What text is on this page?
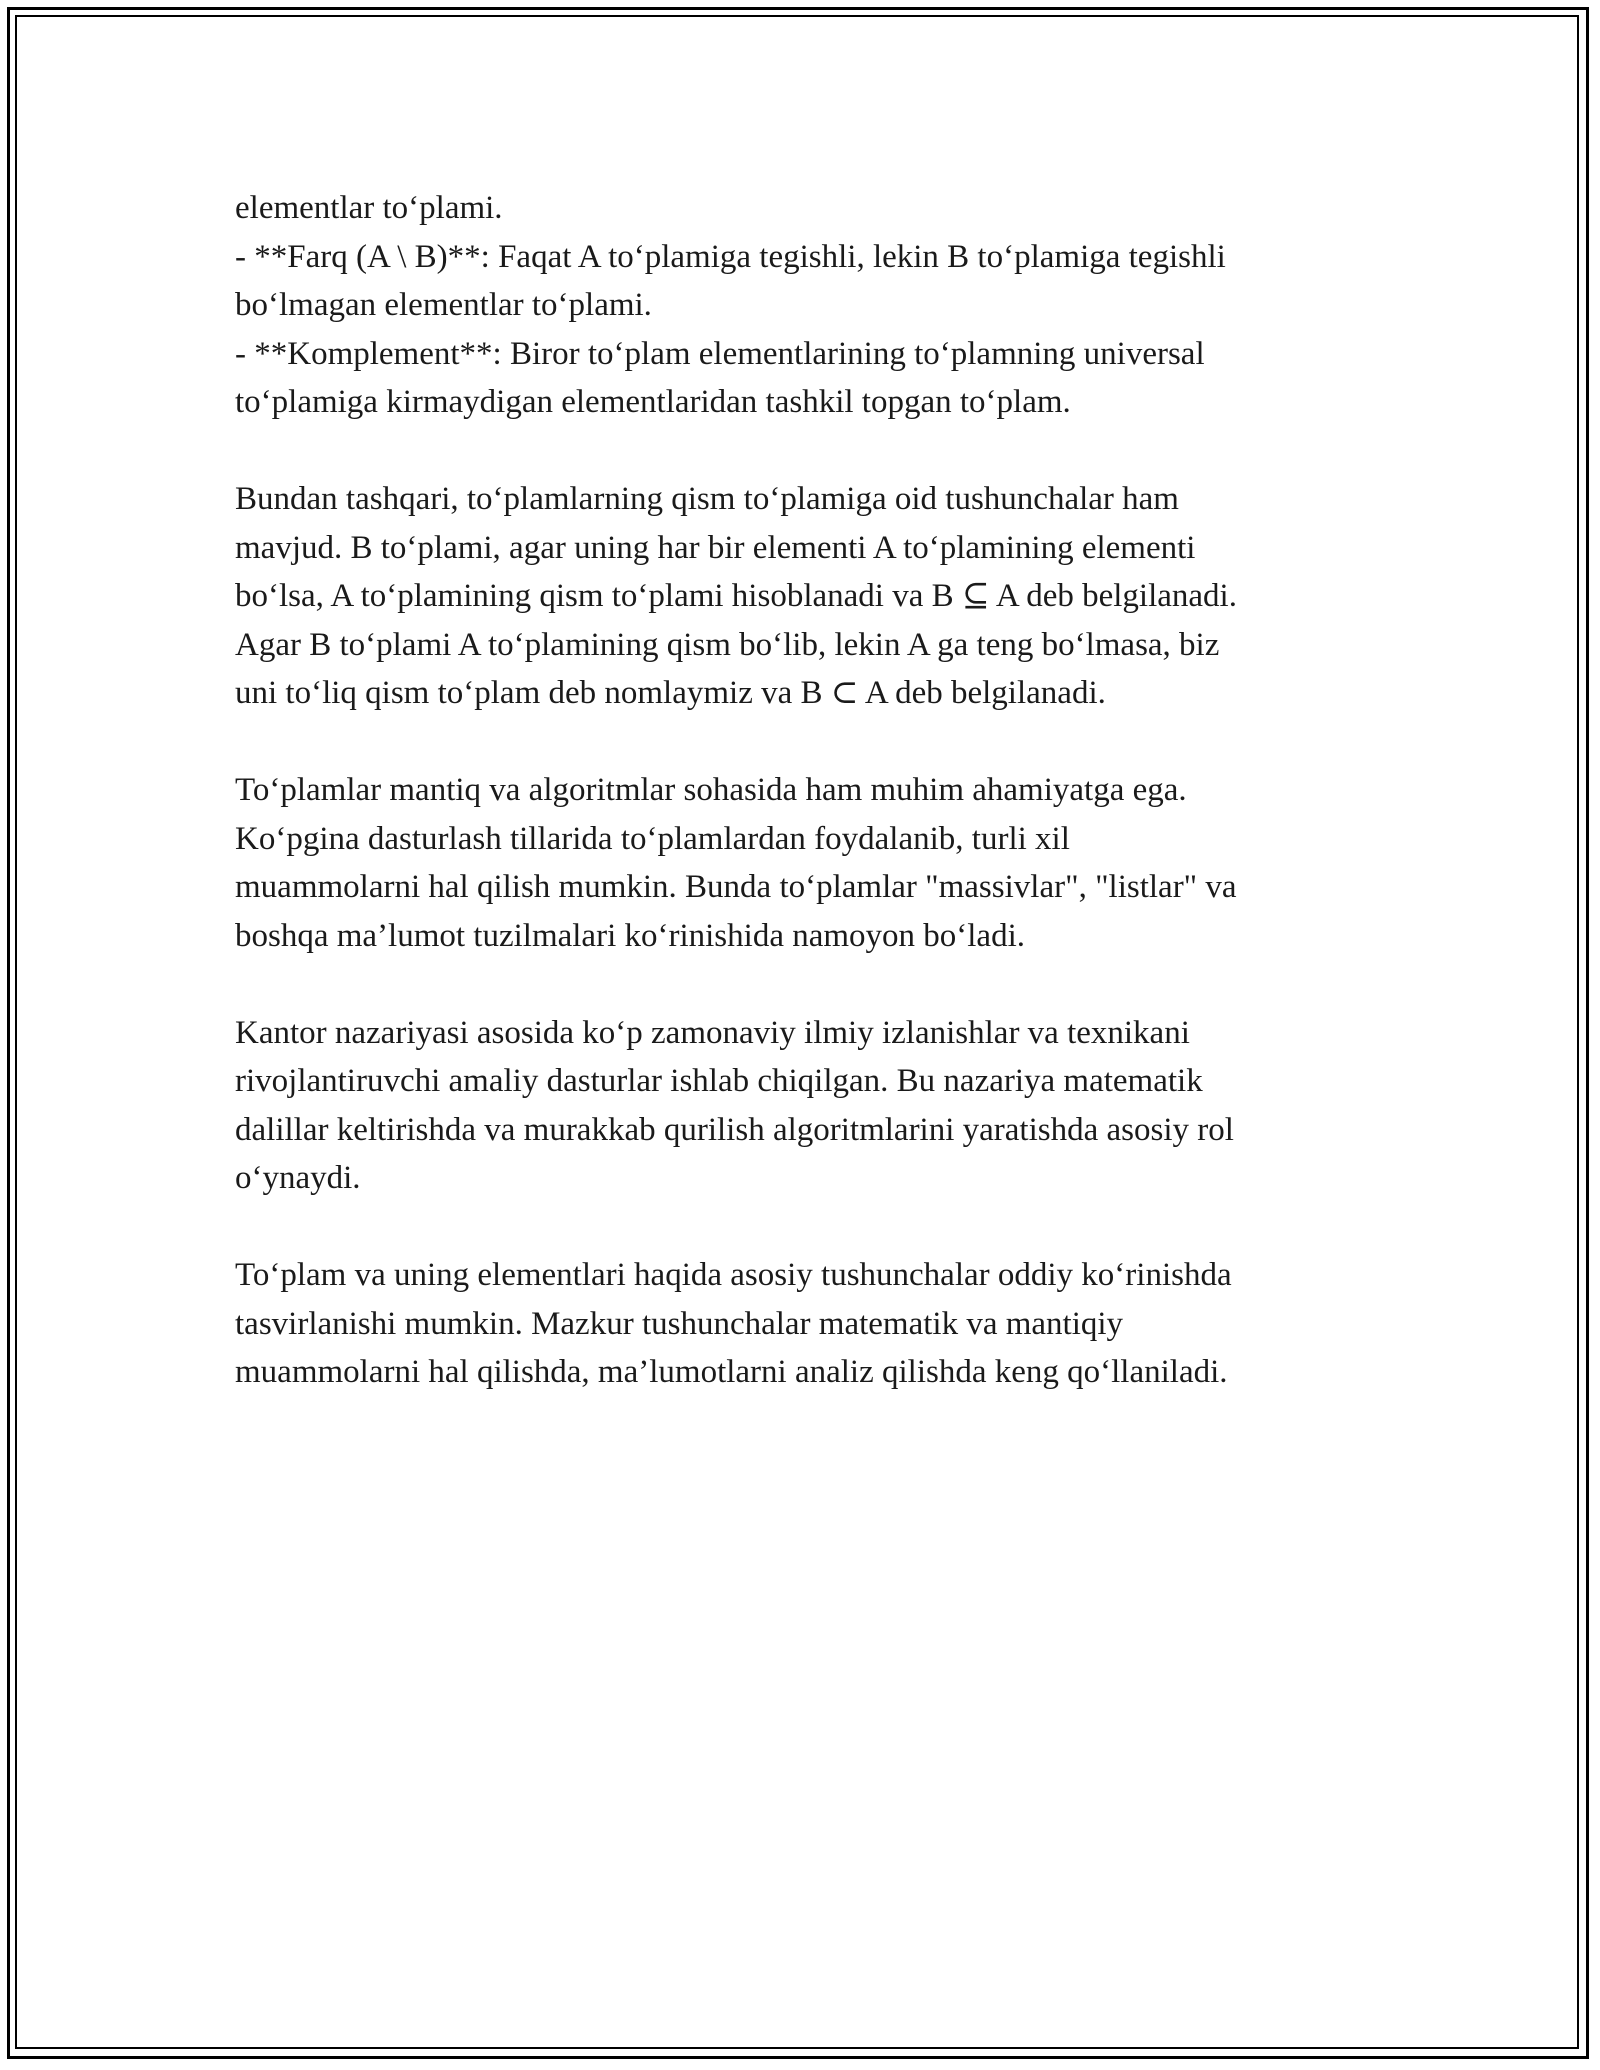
elementlar to‘plami.
- **Farq (A \ B)**: Faqat A to‘plamiga tegishli, lekin B to‘plamiga tegishli
bo‘lmagan elementlar to‘plami.
- **Komplement**: Biror to‘plam elementlarining to‘plamning universal
to‘plamiga kirmaydigan elementlaridan tashkil topgan to‘plam.
Bundan tashqari, to‘plamlarning qism to‘plamiga oid tushunchalar ham
mavjud. B to‘plami, agar uning har bir elementi A to‘plamining elementi
bo‘lsa, A to‘plamining qism to‘plami hisoblanadi va B ⊆ A deb belgilanadi.
Agar B to‘plami A to‘plamining qism bo‘lib, lekin A ga teng bo‘lmasa, biz
uni to‘liq qism to‘plam deb nomlaymiz va B ⊂ A deb belgilanadi.
To‘plamlar mantiq va algoritmlar sohasida ham muhim ahamiyatga ega.
Ko‘pgina dasturlash tillarida to‘plamlardan foydalanib, turli xil
muammolarni hal qilish mumkin. Bunda to‘plamlar "massivlar", "listlar" va
boshqa ma’lumot tuzilmalari ko‘rinishida namoyon bo‘ladi.
Kantor nazariyasi asosida ko‘p zamonaviy ilmiy izlanishlar va texnikani
rivojlantiruvchi amaliy dasturlar ishlab chiqilgan. Bu nazariya matematik
dalillar keltirishda va murakkab qurilish algoritmlarini yaratishda asosiy rol
o‘ynaydi.
To‘plam va uning elementlari haqida asosiy tushunchalar oddiy ko‘rinishda
tasvirlanishi mumkin. Mazkur tushunchalar matematik va mantiqiy
muammolarni hal qilishda, ma’lumotlarni analiz qilishda keng qo‘llaniladi.
